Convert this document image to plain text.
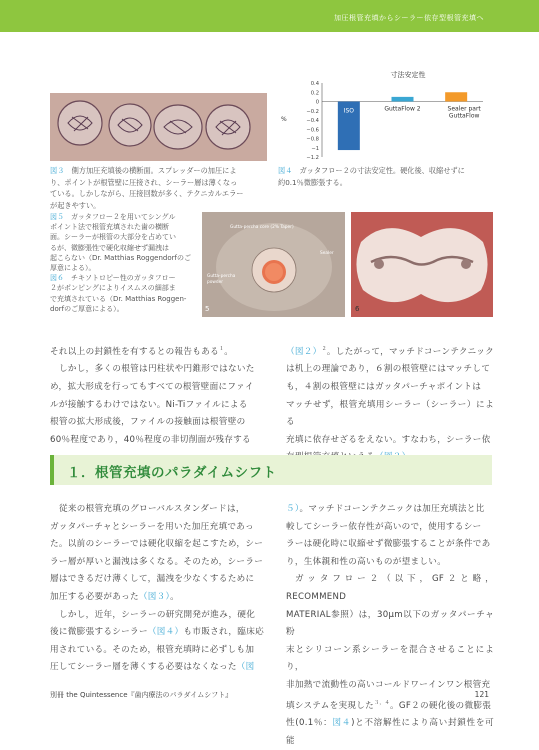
加圧根管充填からシーラー依存型根管充填へ
図３　 側方加圧充填後の横断面。スプレッダーの加圧によ
り、ポイントが根管壁に圧接され、シーラー層は薄くなっ
ている。しかしながら、圧接回数が多く、テクニカルエラー
が起きやすい。
寸法安定性
%
0.4
0.2
0
−0.2
−0.4
−0.6
−0.8
−1
−1.2
ISO	GuttaFlow 2	Sealer part GuttaFlow
図４　 ガッタフロー２の寸法安定性。硬化後、収縮せずに
約0.1％微膨張する。
図５　 ガッタフロー２を用いてシングル
ポイント法で根管充填された歯の横断
面。シーラーが根管の大部分を占めてい
るが、微膨張性で硬化収縮せず漏洩は
起こらない（Dr. Matthias Roggendorfのご
厚意による）。
図６　 チキソトロピー性のガッタフロー
２がポンピングによりイスムスの細部ま
で充填されている（Dr. Matthias Roggen-
dorfのご厚意による）。
Gutta-percha core (2% Taper)
Sealer
Gutta-percha powder
5	6
それ以上の封鎖性を有するとの報告もある$^1$。
しかし，多くの根管は円柱状や円錐形ではないた
め，拡大形成を行ってもすべての根管壁面にファイ
ルが接触するわけではない。Ni-Tiファイルによる
根管の拡大形成後，ファイルの接触面は根管壁の
60％程度であり，40％程度の非切削面が残存する
（図２）$^2$。したがって，マッチドコーンテクニック
は机上の理論であり，６割の根管壁にはマッチして
も，４割の根管壁にはガッタパーチャポイントは
マッチせず，根管充填用シーラー（シーラー）による
充填に依存せざるをえない。すなわち，シーラー依
１．根管充填のパラダイムシフト
従来の根管充填のグローバルスタンダードは，
ガッタパーチャとシーラーを用いた加圧充填であっ
た。以前のシーラーでは硬化収縮を起こすため，シー
ラー層が厚いと漏洩は多くなる。そのため，シーラー
層はできるだけ薄くして，漏洩を少なくするために
加圧する必要があった（図３）。
しかし，近年，シーラーの研究開発が進み，硬化
後に微膨張するシーラー（図４）も市販され，臨床応
用されている。そのため，根管充填時に必ずしも加
圧してシーラー層を薄くする必要はなくなった（図
５）。マッチドコーンテクニックは加圧充填法と比
較してシーラー依存性が高いので，使用するシー
ラーは硬化時に収縮せず微膨張することが条件であ
り，生体親和性の高いものが望ましい。
ガッタフロー２（以下，GF２と略，RECOMMEND
MATERIAL参照）は，30μm以下のガッタパーチャ粉
末とシリコーン系シーラーを混合させることにより，
非加熱で流動性の高いコールドワーインワン根管充
填システムを実現した$^{3,4}$。GF２の硬化後の微膨張
性(0.1％：図４)と不溶解性により高い封鎖性を可能
別冊 the Quintessence『歯内療法のパラダイムシフト』	121
